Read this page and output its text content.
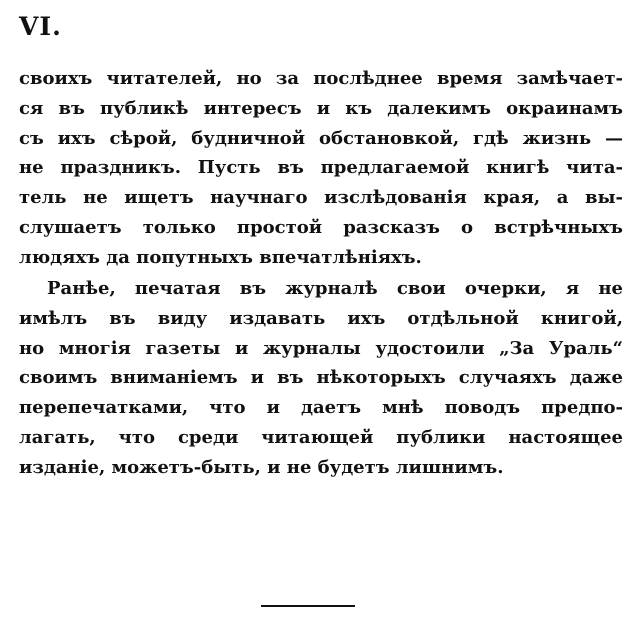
VI.
своихъ читателей, но за послѣднее время замѣчает-
ся въ публикѣ интересъ и къ далекимъ окраинамъ
съ ихъ сѣрой, будничной обстановкой, гдѣ жизнь —
не праздникъ. Пусть въ предлагаемой книгѣ чита-
тель не ищетъ научнаго изслѣдованія края, а вы-
слушаетъ только простой разсказъ о встрѣчныхъ
людяхъ да попутныхъ впечатлѣніяхъ.
Ранѣе, печатая въ журналѣ свои очерки, я не
имѣлъ въ виду издавать ихъ отдѣльной книгой,
но многія газеты и журналы удостоили „За Ураль“
своимъ вниманіемъ и въ нѣкоторыхъ случаяхъ даже
перепечатками, что и даетъ мнѣ поводъ предпо-
лагать, что среди читающей публики настоящее
изданіе, можетъ-быть, и не будетъ лишнимъ.
